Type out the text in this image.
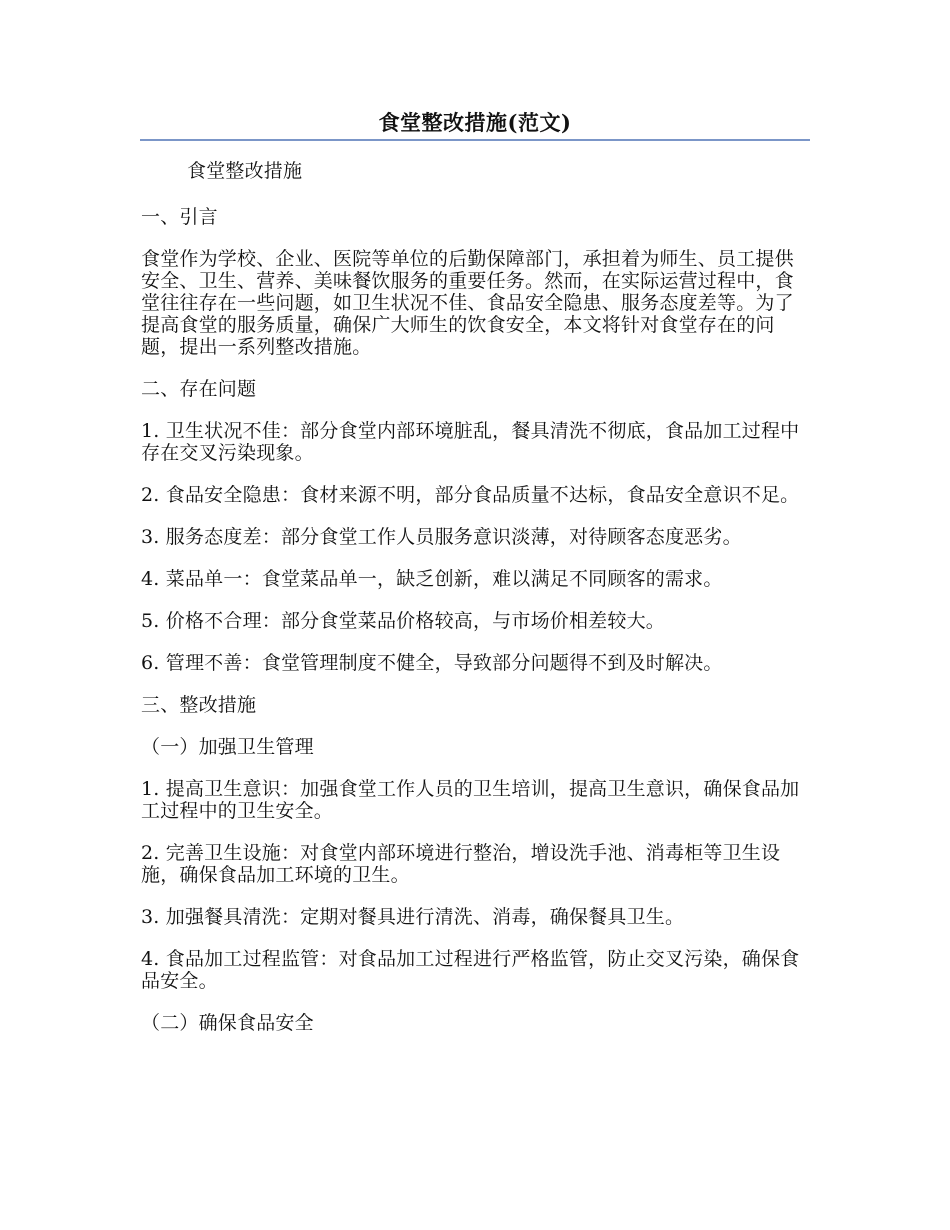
食堂整改措施(范文)

食堂整改措施

一、引言

食堂作为学校、企业、医院等单位的后勤保障部门，承担着为师生、员工提供安全、卫生、营养、美味餐饮服务的重要任务。然而，在实际运营过程中，食堂往往存在一些问题，如卫生状况不佳、食品安全隐患、服务态度差等。为了提高食堂的服务质量，确保广大师生的饮食安全，本文将针对食堂存在的问题，提出一系列整改措施。

二、存在问题

1. 卫生状况不佳：部分食堂内部环境脏乱，餐具清洗不彻底，食品加工过程中存在交叉污染现象。

2. 食品安全隐患：食材来源不明，部分食品质量不达标，食品安全意识不足。

3. 服务态度差：部分食堂工作人员服务意识淡薄，对待顾客态度恶劣。

4. 菜品单一：食堂菜品单一，缺乏创新，难以满足不同顾客的需求。

5. 价格不合理：部分食堂菜品价格较高，与市场价相差较大。

6. 管理不善：食堂管理制度不健全，导致部分问题得不到及时解决。

三、整改措施

（一）加强卫生管理

1. 提高卫生意识：加强食堂工作人员的卫生培训，提高卫生意识，确保食品加工过程中的卫生安全。

2. 完善卫生设施：对食堂内部环境进行整治，增设洗手池、消毒柜等卫生设施，确保食品加工环境的卫生。

3. 加强餐具清洗：定期对餐具进行清洗、消毒，确保餐具卫生。

4. 食品加工过程监管：对食品加工过程进行严格监管，防止交叉污染，确保食品安全。

（二）确保食品安全
